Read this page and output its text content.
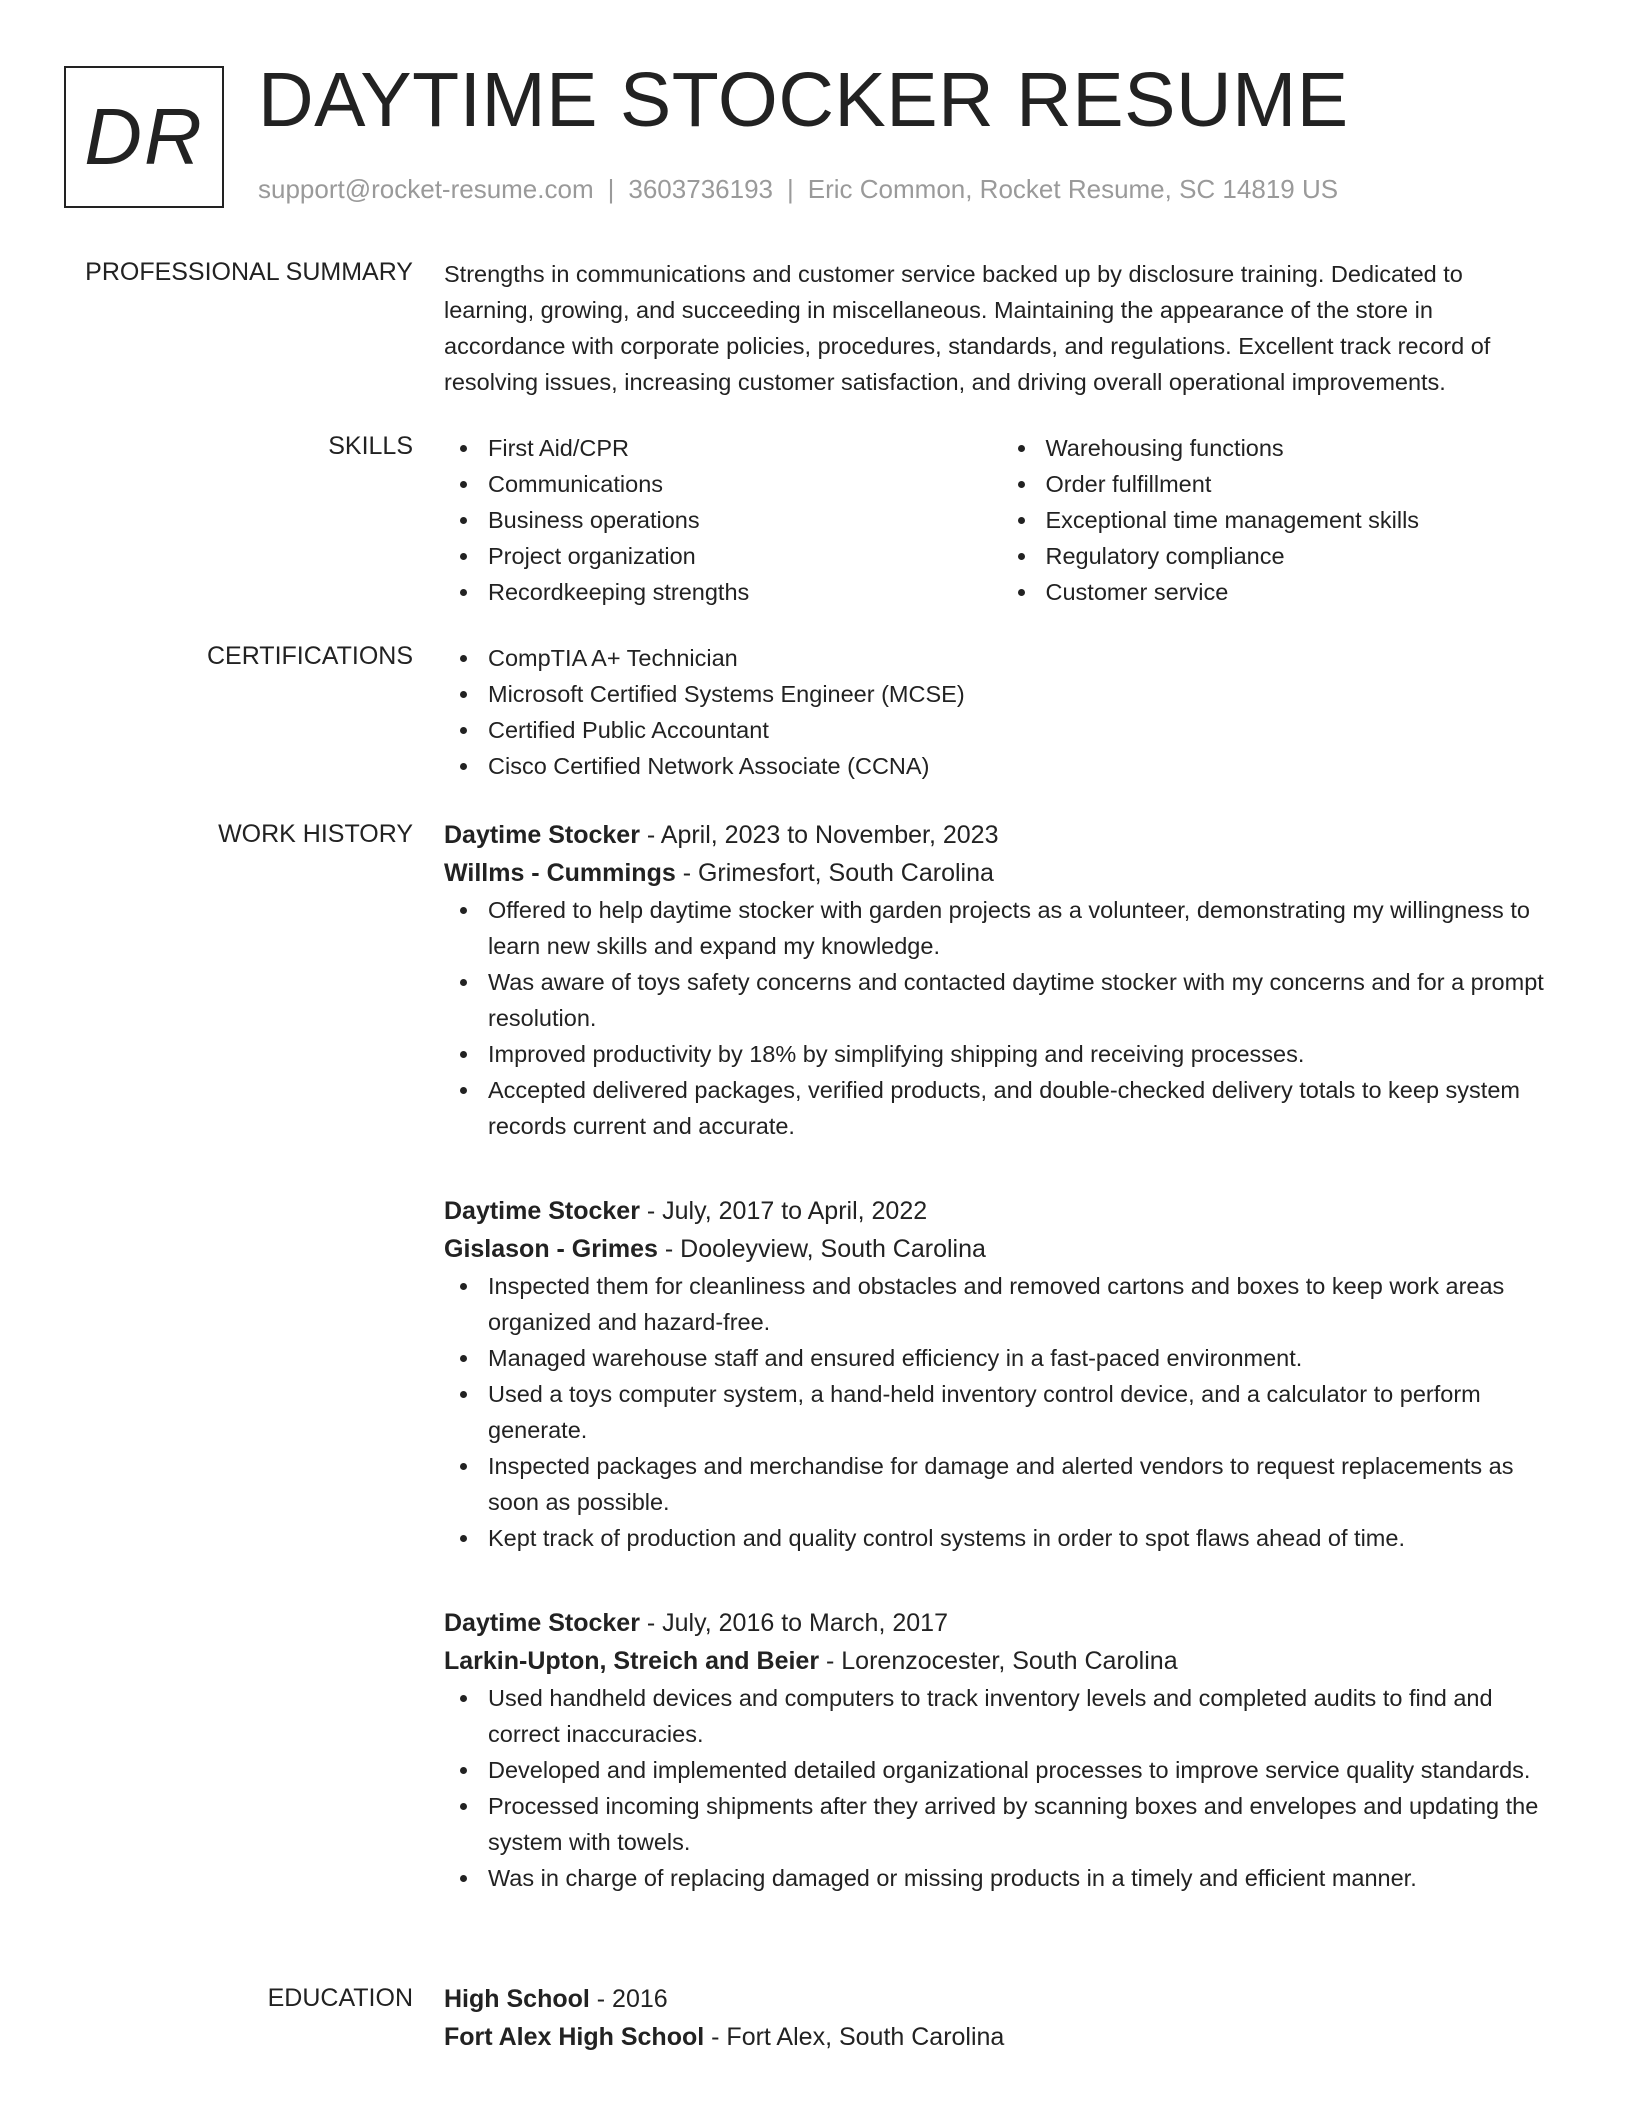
DR DAYTIME STOCKER RESUME
support@rocket-resume.com | 3603736193 | Eric Common, Rocket Resume, SC 14819 US
PROFESSIONAL SUMMARY Strengths in communications and customer service backed up by disclosure training. Dedicated to learning, growing, and succeeding in miscellaneous. Maintaining the appearance of the store in accordance with corporate policies, procedures, standards, and regulations. Excellent track record of resolving issues, increasing customer satisfaction, and driving overall operational improvements.

SKILLS	First Aid/CPR
Communications
Business operations
Project organization
Recordkeeping strengths
Warehousing functions
Order fulfillment
Exceptional time management skills
Regulatory compliance
Customer service
CERTIFICATIONS	CompTIA A+ Technician
Microsoft Certified Systems Engineer (MCSE)
Certified Public Accountant
Cisco Certified Network Associate (CCNA)
WORK HISTORY Daytime Stocker - April, 2023 to November, 2023
Willms - Cummings - Grimesfort, South Carolina
Offered to help daytime stocker with garden projects as a volunteer, demonstrating my willingness to learn new skills and expand my knowledge.
Was aware of toys safety concerns and contacted daytime stocker with my concerns and for a prompt resolution.
Improved productivity by 18% by simplifying shipping and receiving processes.
Accepted delivered packages, verified products, and double-checked delivery totals to keep system records current and accurate.
Daytime Stocker - July, 2017 to April, 2022
Gislason - Grimes - Dooleyview, South Carolina
Inspected them for cleanliness and obstacles and removed cartons and boxes to keep work areas organized and hazard-free.
Managed warehouse staff and ensured efficiency in a fast-paced environment.
Used a toys computer system, a hand-held inventory control device, and a calculator to perform generate.
Inspected packages and merchandise for damage and alerted vendors to request replacements as soon as possible.
Kept track of production and quality control systems in order to spot flaws ahead of time.
Daytime Stocker - July, 2016 to March, 2017
Larkin-Upton, Streich and Beier - Lorenzocester, South Carolina
Used handheld devices and computers to track inventory levels and completed audits to find and correct inaccuracies.
Developed and implemented detailed organizational processes to improve service quality standards.
Processed incoming shipments after they arrived by scanning boxes and envelopes and updating the system with towels.
Was in charge of replacing damaged or missing products in a timely and efficient manner.
EDUCATION High School - 2016
Fort Alex High School - Fort Alex, South Carolina
